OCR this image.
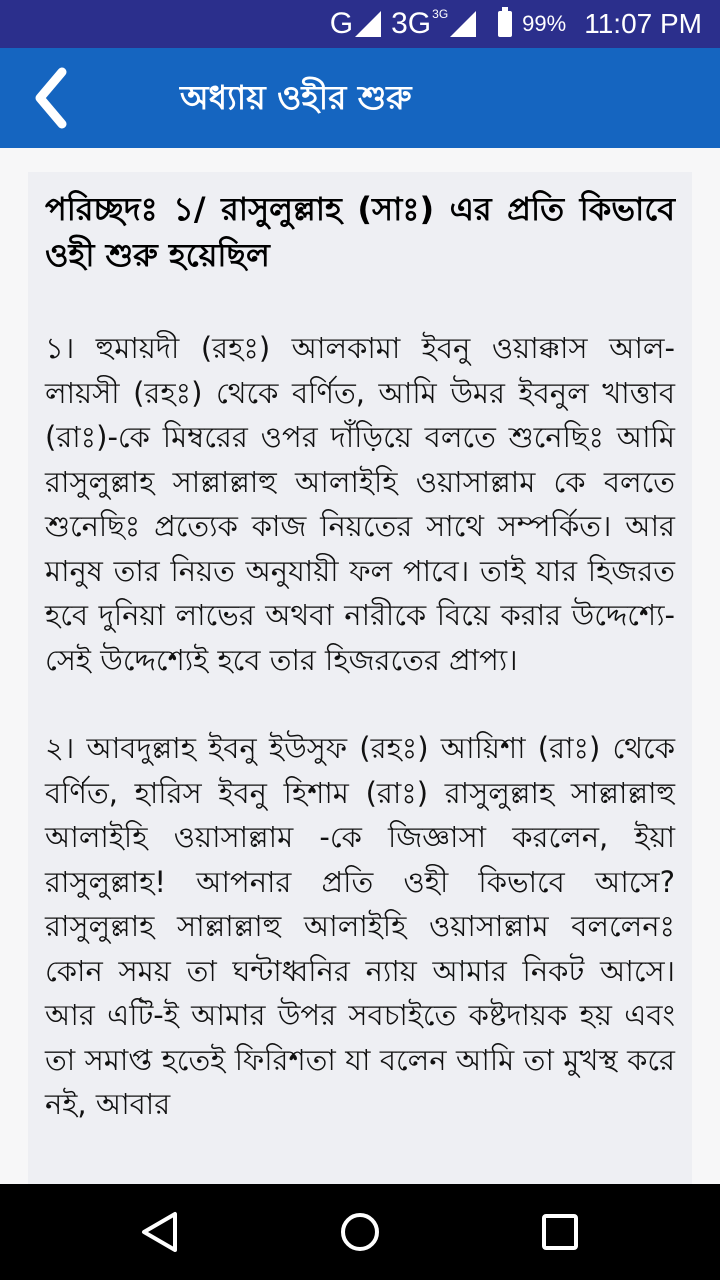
G 3G 3G	99% 11:07 PM
অধ্যায় ওহীর শুরু
পরিচ্ছদঃ ১/ রাসুলুল্লাহ (সাঃ) এর প্রতি কিভাবে ওহী শুরু হয়েছিল

১। হুমায়দী (রহঃ) আলকামা ইবনু ওয়াক্কাস আল-লায়সী (রহঃ) থেকে বর্ণিত, আমি উমর ইবনুল খাত্তাব (রাঃ)-কে মিম্বরের ওপর দাঁড়িয়ে বলতে শুনেছিঃ আমি রাসুলুল্লাহ সাল্লাল্লাহু আলাইহি ওয়াসাল্লাম কে বলতে শুনেছিঃ প্রত্যেক কাজ নিয়তের সাথে সম্পর্কিত। আর মানুষ তার নিয়ত অনুযায়ী ফল পাবে। তাই যার হিজরত হবে দুনিয়া লাভের অথবা নারীকে বিয়ে করার উদ্দেশ্যে- সেই উদ্দেশ্যেই হবে তার হিজরতের প্রাপ্য।

২। আবদুল্লাহ ইবনু ইউসুফ (রহঃ) আয়িশা (রাঃ) থেকে বর্ণিত, হারিস ইবনু হিশাম (রাঃ) রাসুলুল্লাহ সাল্লাল্লাহু আলাইহি ওয়াসাল্লাম -কে জিজ্ঞাসা করলেন, ইয়া রাসুলুল্লাহ! আপনার প্রতি ওহী কিভাবে আসে? রাসুলুল্লাহ সাল্লাল্লাহু আলাইহি ওয়াসাল্লাম বললেনঃ কোন সময় তা ঘন্টাধ্বনির ন্যায় আমার নিকট আসে। আর এটি-ই আমার উপর সবচাইতে কষ্টদায়ক হয় এবং তা সমাপ্ত হতেই ফিরিশতা যা বলেন আমি তা মুখস্থ করে নই, আবার
